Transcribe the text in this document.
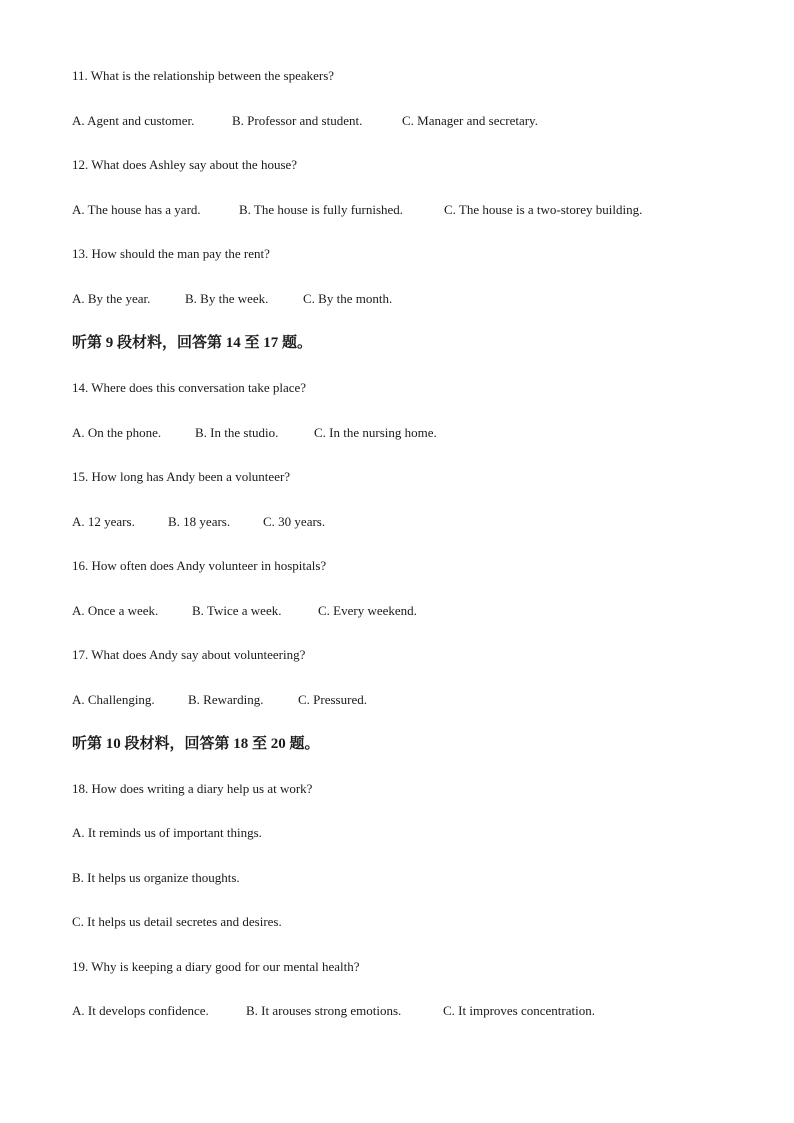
11. What is the relationship between the speakers?
A. Agent and customer.	B. Professor and student.	C. Manager and secretary.
12. What does Ashley say about the house?
A. The house has a yard.	B. The house is fully furnished.	C. The house is a two-storey building.
13. How should the man pay the rent?
A. By the year.	B. By the week.	C. By the month.
听第 9 段材料，回答第 14 至 17 题。
14. Where does this conversation take place?
A. On the phone.	B. In the studio.	C. In the nursing home.
15. How long has Andy been a volunteer?
A. 12 years.	B. 18 years.	C. 30 years.
16. How often does Andy volunteer in hospitals?
A. Once a week.	B. Twice a week.	C. Every weekend.
17. What does Andy say about volunteering?
A. Challenging.	B. Rewarding.	C. Pressured.
听第 10 段材料，回答第 18 至 20 题。
18. How does writing a diary help us at work?
A. It reminds us of important things.
B. It helps us organize thoughts.
C. It helps us detail secretes and desires.
19. Why is keeping a diary good for our mental health?
A. It develops confidence.	B. It arouses strong emotions.	C. It improves concentration.
